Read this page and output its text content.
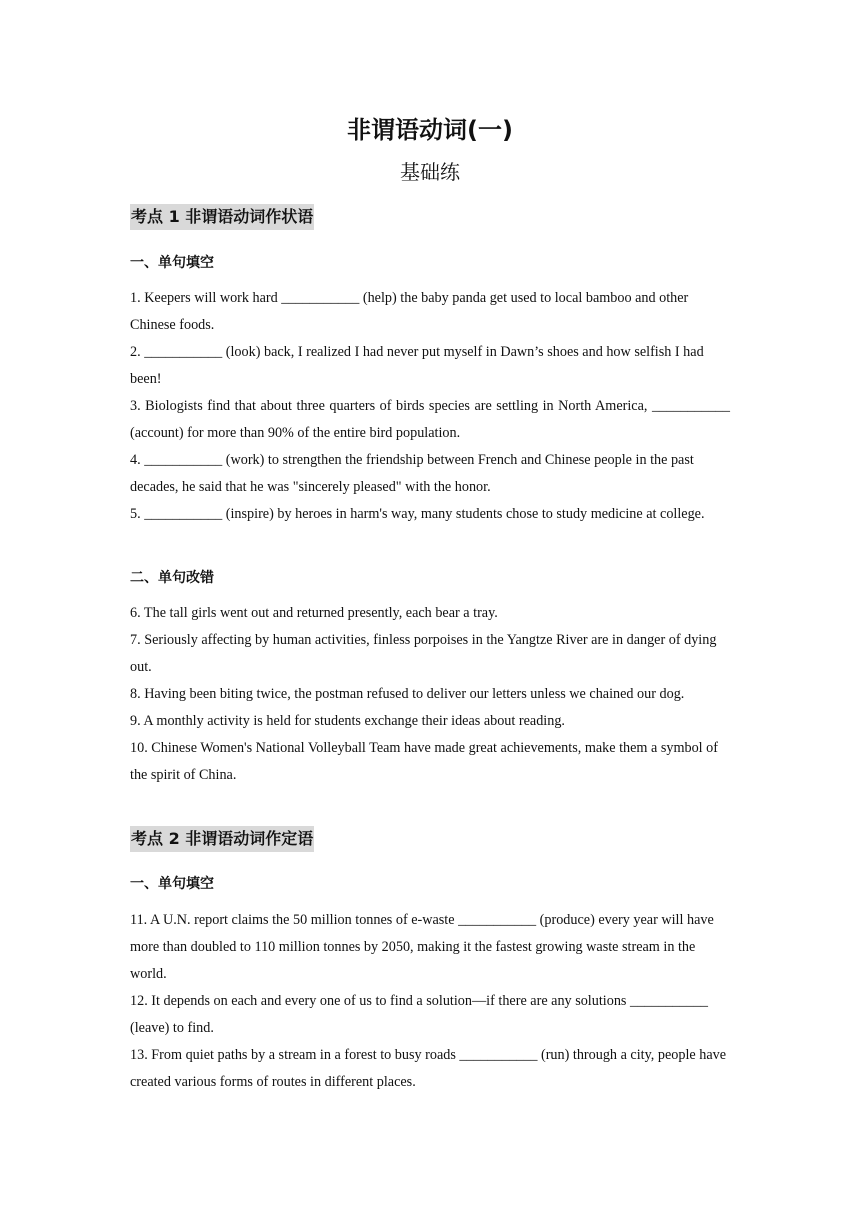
非谓语动词(一)
基础练
考点 1 非谓语动词作状语
一、单句填空
1. Keepers will work hard ___________ (help) the baby panda get used to local bamboo and other Chinese foods.
2. ___________ (look) back, I realized I had never put myself in Dawn’s shoes and how selfish I had been!
3. Biologists find that about three quarters of birds species are settling in North America, ___________ (account) for more than 90% of the entire bird population.
4. ___________ (work) to strengthen the friendship between French and Chinese people in the past decades, he said that he was "sincerely pleased" with the honor.
5. ___________ (inspire) by heroes in harm's way, many students chose to study medicine at college.
二、单句改错
6. The tall girls went out and returned presently, each bear a tray.
7. Seriously affecting by human activities, finless porpoises in the Yangtze River are in danger of dying out.
8. Having been biting twice, the postman refused to deliver our letters unless we chained our dog.
9. A monthly activity is held for students exchange their ideas about reading.
10. Chinese Women's National Volleyball Team have made great achievements, make them a symbol of the spirit of China.
考点 2 非谓语动词作定语
一、单句填空
11. A U.N. report claims the 50 million tonnes of e-waste ___________ (produce) every year will have more than doubled to 110 million tonnes by 2050, making it the fastest growing waste stream in the world.
12. It depends on each and every one of us to find a solution—if there are any solutions ___________ (leave) to find.
13. From quiet paths by a stream in a forest to busy roads ___________ (run) through a city, people have created various forms of routes in different places.
